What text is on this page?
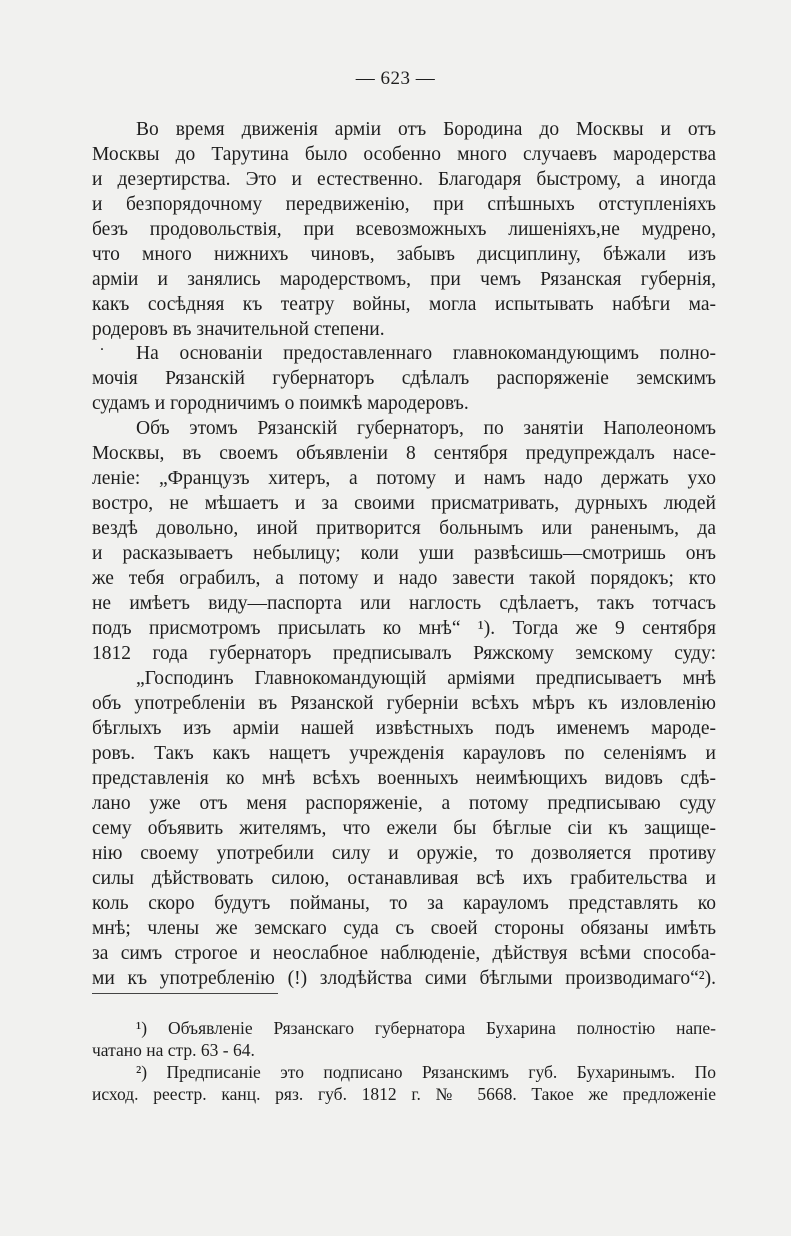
— 623 —
Во время движенія арміи отъ Бородина до Москвы и отъ
Москвы до Тарутина было особенно много случаевъ мародерства
и дезертирства. Это и естественно. Благодаря быстрому, а иногда
и безпорядочному передвиженію, при спѣшныхъ отступленіяхъ
безъ продовольствія, при всевозможныхъ лишеніяхъ,не мудрено,
что много нижнихъ чиновъ, забывъ дисциплину, бѣжали изъ
арміи и занялись мародерствомъ, при чемъ Рязанская губернія,
какъ сосѣдняя къ театру войны, могла испытывать набѣги ма-
родеровъ въ значительной степени.
. На основаніи предоставленнаго главнокомандующимъ полно-
мочія Рязанскій губернаторъ сдѣлалъ распоряженіе земскимъ
судамъ и городничимъ о поимкѣ мародеровъ.
Объ этомъ Рязанскій губернаторъ, по занятіи Наполеономъ
Москвы, въ своемъ объявленіи 8 сентября предупреждалъ насе-
леніе: „Французъ хитеръ, а потому и намъ надо держать ухо
востро, не мѣшаетъ и за своими присматривать, дурныхъ людей
вездѣ довольно, иной притворится больнымъ или раненымъ, да
и расказываетъ небылицу; коли уши развѣсишь—смотришь онъ
же тебя ограбилъ, а потому и надо завести такой порядокъ; кто
не имѣетъ виду—паспорта или наглость сдѣлаетъ, такъ тотчасъ
подъ присмотромъ присылать ко мнѣ“ ¹). Тогда же 9 сентября
1812 года губернаторъ предписывалъ Ряжскому земскому суду:
„Господинъ Главнокомандующій арміями предписываетъ мнѣ
объ употребленіи въ Рязанской губерніи всѣхъ мѣръ къ изловленію
бѣглыхъ изъ арміи нашей извѣстныхъ подъ именемъ мароде-
ровъ. Такъ какъ нащетъ учрежденія карауловъ по селеніямъ и
представленія ко мнѣ всѣхъ военныхъ неимѣющихъ видовъ сдѣ-
лано уже отъ меня распоряженіе, а потому предписываю суду
сему объявить жителямъ, что ежели бы бѣглые сіи къ защище-
нію своему употребили силу и оружіе, то дозволяется противу
силы дѣйствовать силою, останавливая всѣ ихъ грабительства и
коль скоро будутъ пойманы, то за карауломъ представлять ко
мнѣ; члены же земскаго суда съ своей стороны обязаны имѣть
за симъ строгое и неослабное наблюденіе, дѣйствуя всѣми способа-
ми къ употребленію (!) злодѣйства сими бѣглыми производимаго“²).
¹) Объявленіе Рязанскаго губернатора Бухарина полностію напе-
чатано на стр. 63 - 64.
²) Предписаніе это подписано Рязанскимъ губ. Бухаринымъ. По
исход. реестр. канц. ряз. губ. 1812 г. № 5668. Такое же предложеніе
